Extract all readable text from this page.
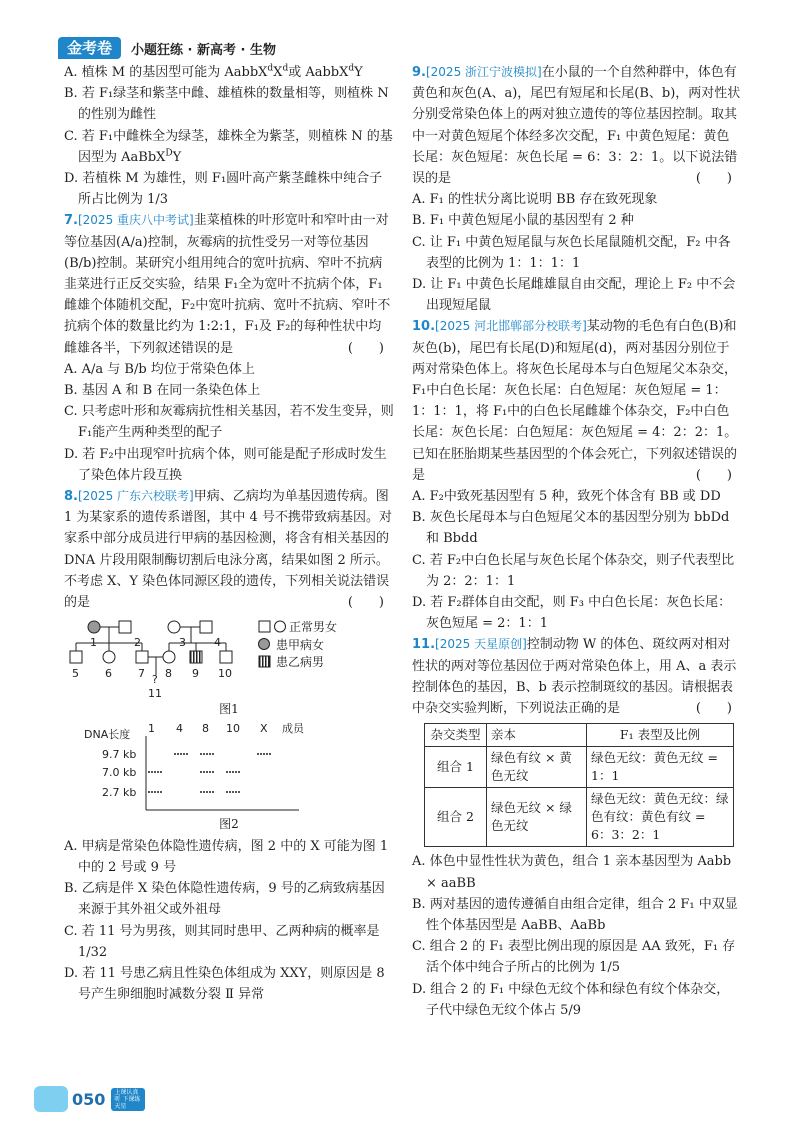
金考卷	小题狂练 · 新高考 · 生物
A. 植株 M 的基因型可能为 $AabbX^dX^d$或 AabbX$^d$Y
B. 若 F₁绿茎和紫茎中雌、雄植株的数量相等，则植株 N 的性别为雌性
C. 若 F₁中雌株全为绿茎，雄株全为紫茎，则植株 N 的基因型为 AaBbX$^D$Y
D. 若植株 M 为雄性，则 F₁圆叶高产紫茎雌株中纯合子所占比例为 1/3
7.[2025 重庆八中考试]韭菜植株的叶形宽叶和窄叶由一对等位基因(A/a)控制，灰霉病的抗性受另一对等位基因(B/b)控制。某研究小组用纯合的宽叶抗病、窄叶不抗病韭菜进行正反交实验，结果 F₁全为宽叶不抗病个体，F₁雌雄个体随机交配，F₂中宽叶抗病、宽叶不抗病、窄叶不抗病个体的数量比约为 1:2:1，F₁及 F₂的每种性状中均雌雄各半，下列叙述错误的是	(　　)
A. A/a 与 B/b 均位于常染色体上
B. 基因 A 和 B 在同一条染色体上
C. 只考虑叶形和灰霉病抗性相关基因，若不发生变异，则 F₁能产生两种类型的配子
D. 若 F₂中出现窄叶抗病个体，则可能是配子形成时发生了染色体片段互换
8.[2025 广东六校联考]甲病、乙病均为单基因遗传病。图 1 为某家系的遗传系谱图，其中 4 号不携带致病基因。对家系中部分成员进行甲病的基因检测，将含有相关基因的 DNA 片段用限制酶切割后电泳分离，结果如图 2 所示。不考虑 X、Y 染色体同源区段的遗传，下列相关说法错误的是	(　　)
1	2	3	4
5 6 7 8 9 10
?
11
正常男女
患甲病女
患乙病男
图1
DNA长度 1 4 8 10 X 成员
9.7 kb
7.0 kb
2.7 kb
图2
A. 甲病是常染色体隐性遗传病，图 2 中的 X 可能为图 1 中的 2 号或 9 号
B. 乙病是伴 X 染色体隐性遗传病，9 号的乙病致病基因来源于其外祖父或外祖母
C. 若 11 号为男孩，则其同时患甲、乙两种病的概率是 1/32
D. 若 11 号患乙病且性染色体组成为 XXY，则原因是 8 号产生卵细胞时减数分裂 Ⅱ 异常
9.[2025 浙江宁波模拟]在小鼠的一个自然种群中，体色有黄色和灰色(A、a)，尾巴有短尾和长尾(B、b)，两对性状分别受常染色体上的两对独立遗传的等位基因控制。取其中一对黄色短尾个体经多次交配，F₁ 中黄色短尾：黄色长尾：灰色短尾：灰色长尾 = 6：3：2：1。以下说法错误的是	(　　)
A. F₁ 的性状分离比说明 BB 存在致死现象
B. F₁ 中黄色短尾小鼠的基因型有 2 种
C. 让 F₁ 中黄色短尾鼠与灰色长尾鼠随机交配，F₂ 中各表型的比例为 1：1：1：1
D. 让 F₁ 中黄色长尾雌雄鼠自由交配，理论上 F₂ 中不会出现短尾鼠
10.[2025 河北邯郸部分校联考]某动物的毛色有白色(B)和灰色(b)，尾巴有长尾(D)和短尾(d)，两对基因分别位于两对常染色体上。将灰色长尾母本与白色短尾父本杂交，F₁中白色长尾：灰色长尾：白色短尾：灰色短尾 = 1：1：1：1，将 F₁中的白色长尾雌雄个体杂交，F₂中白色长尾：灰色长尾：白色短尾：灰色短尾 = 4：2：2：1。已知在胚胎期某些基因型的个体会死亡，下列叙述错误的是	(　　)
A. F₂中致死基因型有 5 种，致死个体含有 BB 或 DD
B. 灰色长尾母本与白色短尾父本的基因型分别为 bbDd 和 Bbdd
C. 若 F₂中白色长尾与灰色长尾个体杂交，则子代表型比为 2：2：1：1
D. 若 F₂群体自由交配，则 F₃ 中白色长尾：灰色长尾：灰色短尾 = 2：1：1
11.[2025 天星原创]控制动物 W 的体色、斑纹两对相对性状的两对等位基因位于两对常染色体上，用 A、a 表示控制体色的基因，B、b 表示控制斑纹的基因。请根据表中杂交实验判断，下列说法正确的是	(　　)
杂交类型	亲本	F₁ 表型及比例
组合 1	绿色有纹 × 黄色无纹	绿色无纹：黄色无纹 = 1：1
组合 2	绿色无纹 × 绿色无纹	绿色无纹：黄色无纹：绿色有纹：黄色有纹 = 6：3：2：1
A. 体色中显性性状为黄色，组合 1 亲本基因型为 Aabb × aaBB
B. 两对基因的遗传遵循自由组合定律，组合 2 F₁ 中双显性个体基因型是 AaBB、AaBb
C. 组合 2 的 F₁ 表型比例出现的原因是 AA 致死，F₁ 存活个体中纯合子所占的比例为 1/5
D. 组合 2 的 F₁ 中绿色无纹个体和绿色有纹个体杂交，子代中绿色无纹个体占 5/9
050	上课认真听 下课练天星
